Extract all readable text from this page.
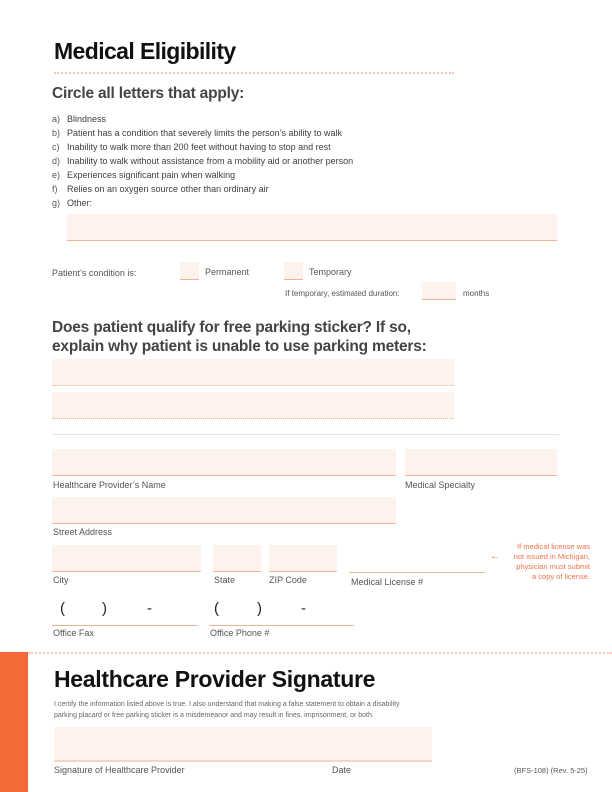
Medical Eligibility
Circle all letters that apply:
a) Blindness
b) Patient has a condition that severely limits the person’s ability to walk
c) Inability to walk more than 200 feet without having to stop and rest
d) Inability to walk without assistance from a mobility aid or another person
e) Experiences significant pain when walking
f)	Relies on an oxygen source other than ordinary air
g) Other:
Patient’s condition is:	Permanent	Temporary
If temporary, estimated duration:	months
Does patient qualify for free parking sticker? If so,
explain why patient is unable to use parking meters:
Healthcare Provider’s Name	Medical Specialty
Street Address
City	State	ZIP Code	Medical License #
←
If medical license was
not issued in Michigan,
physician must submit
a copy of license.
( )	-
Office Fax
(	)	-
Office Phone #
Healthcare Provider Signature
I certify the information listed above is true. I also understand that making a false statement to obtain a disability
parking placard or free parking sticker is a misdemeanor and may result in fines, imprisonment, or both.
Signature of Healthcare Provider	Date	(BFS-108) (Rev. 5-25)
